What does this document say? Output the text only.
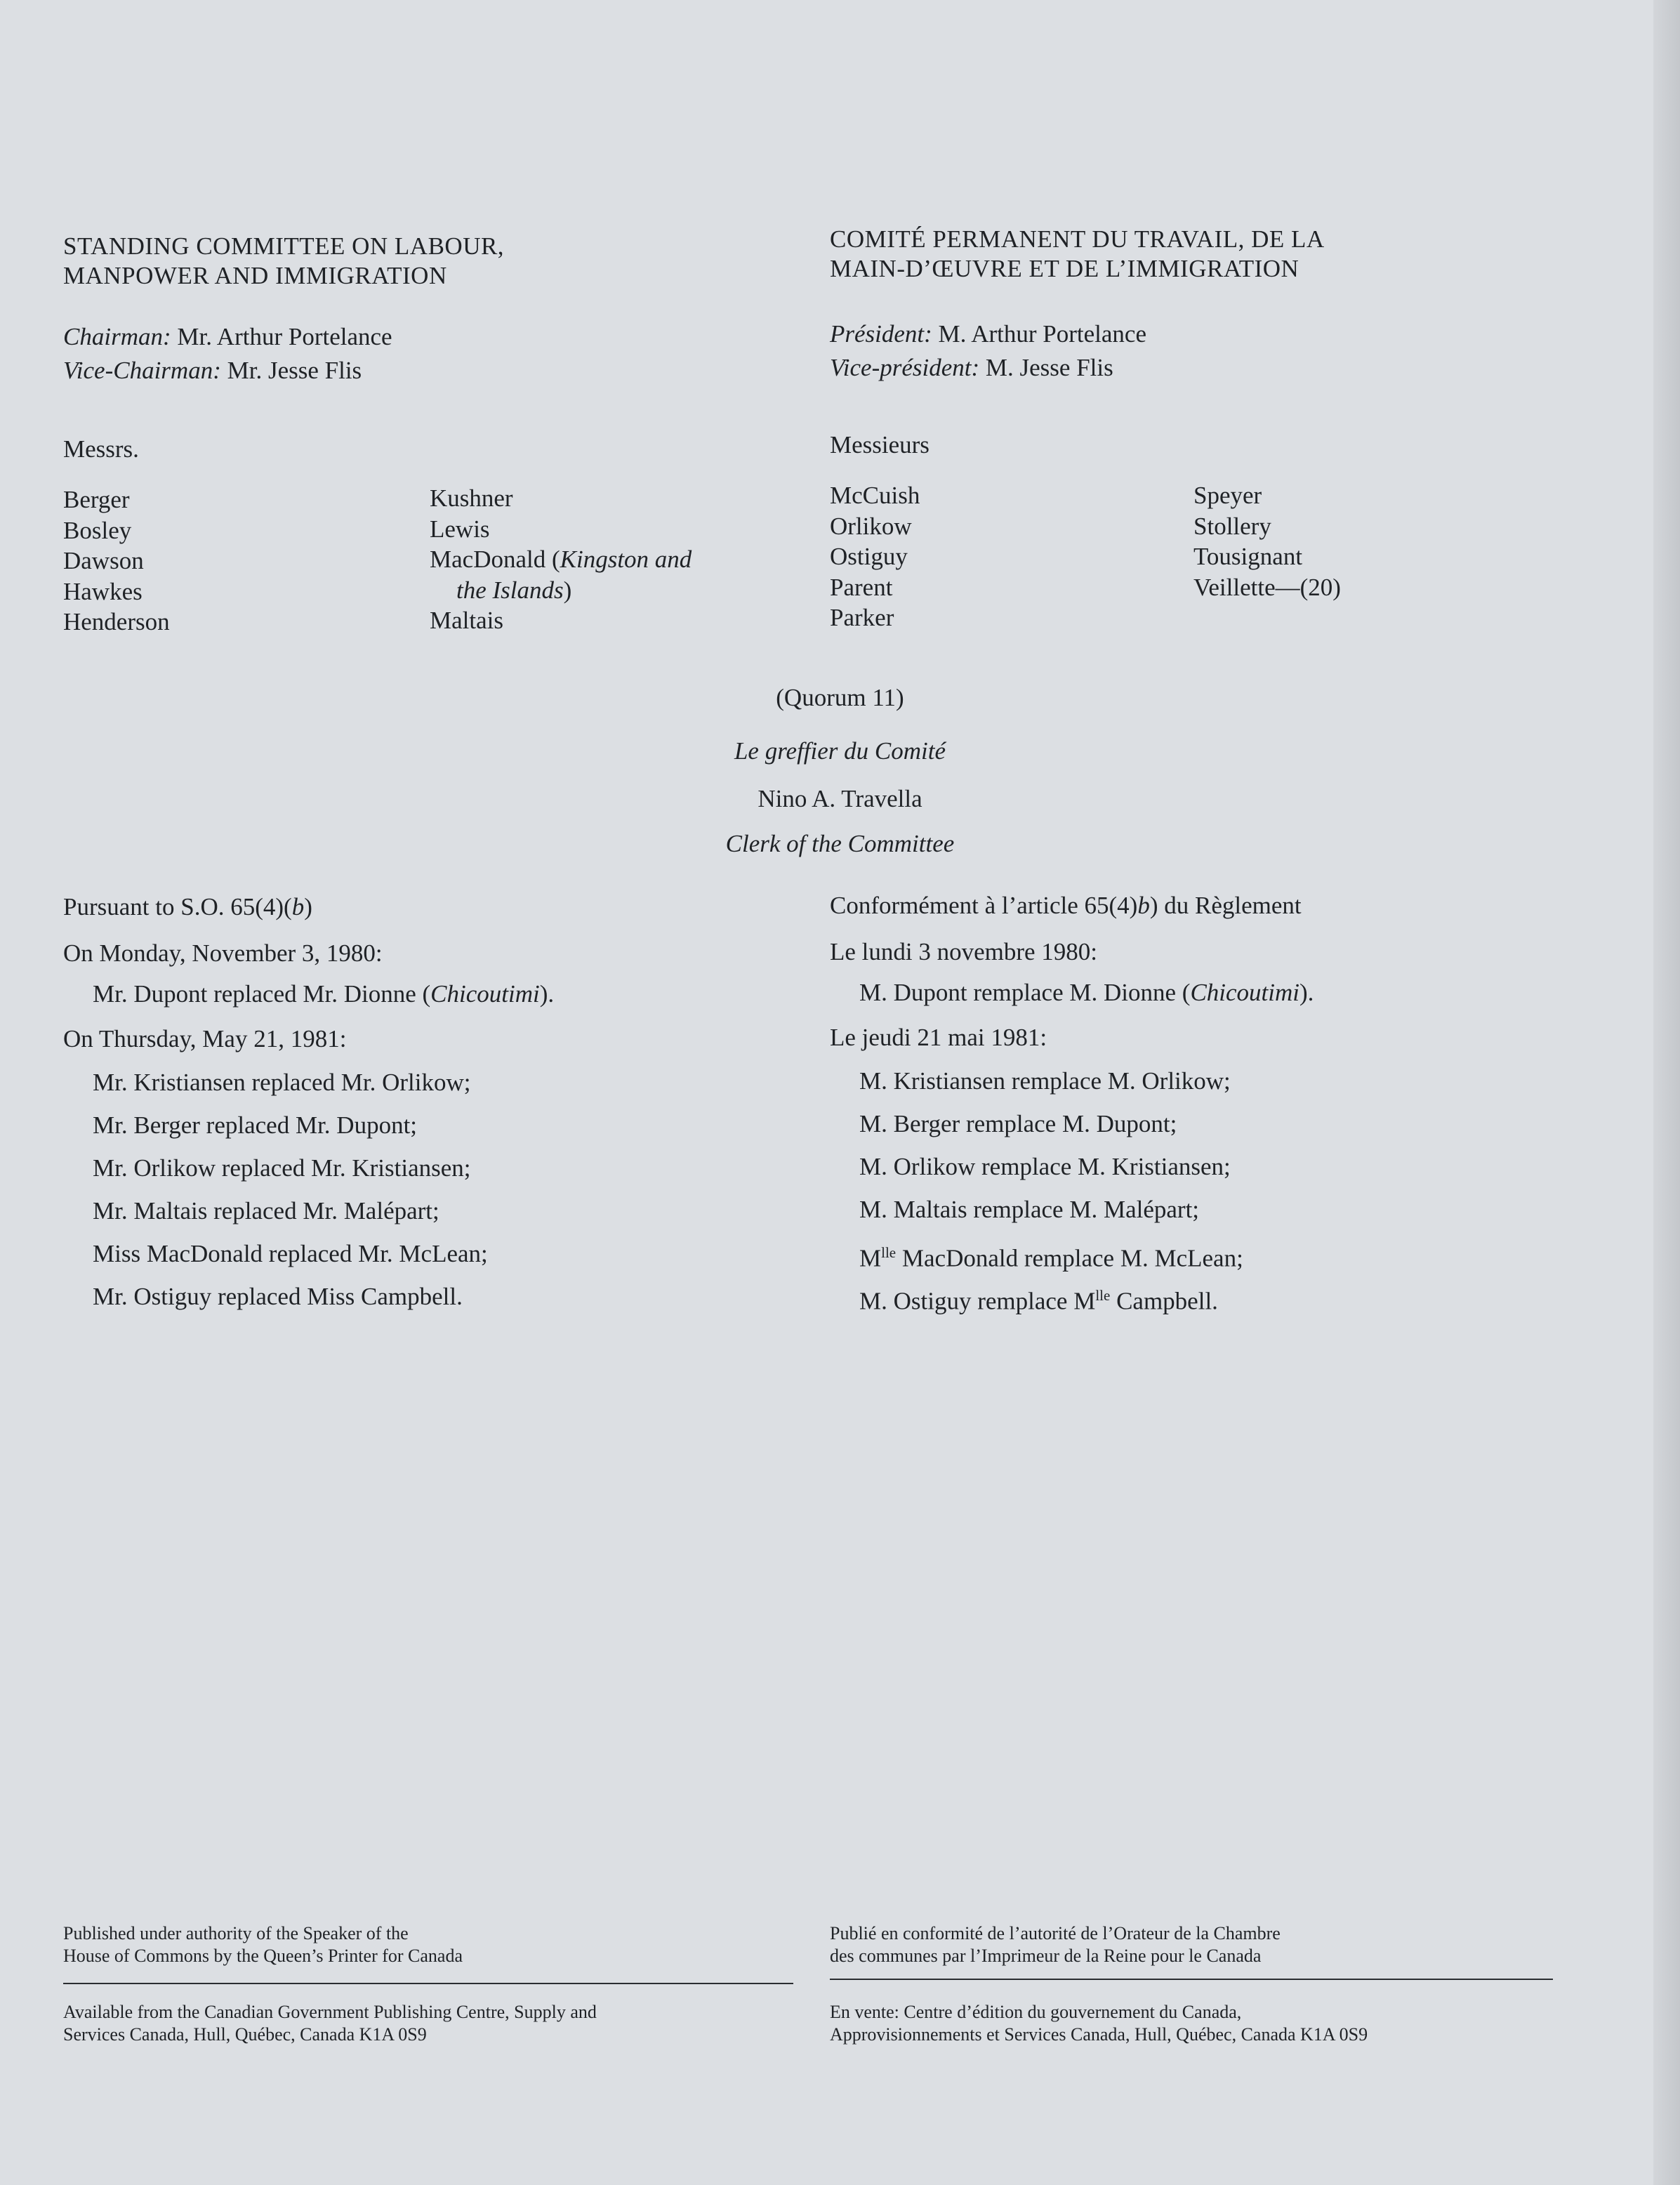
STANDING COMMITTEE ON LABOUR,
MANPOWER AND IMMIGRATION
COMITÉ PERMANENT DU TRAVAIL, DE LA
MAIN-D’ŒUVRE ET DE L’IMMIGRATION
Chairman: Mr. Arthur Portelance
Vice-Chairman: Mr. Jesse Flis
Président: M. Arthur Portelance
Vice-président: M. Jesse Flis
Messrs.	Messieurs
Berger
Bosley
Dawson
Hawkes
Henderson
Kushner
Lewis
MacDonald (Kingston and
the Islands)
Maltais
McCuish
Orlikow
Ostiguy
Parent
Parker
Speyer
Stollery
Tousignant
Veillette—(20)
(Quorum 11)
Le greffier du Comité
Nino A. Travella
Clerk of the Committee
Pursuant to S.O. 65(4)(b)
On Monday, November 3, 1980:
Mr. Dupont replaced Mr. Dionne (Chicoutimi).
On Thursday, May 21, 1981:
Mr. Kristiansen replaced Mr. Orlikow;
Mr. Berger replaced Mr. Dupont;
Mr. Orlikow replaced Mr. Kristiansen;
Mr. Maltais replaced Mr. Malépart;
Miss MacDonald replaced Mr. McLean;
Mr. Ostiguy replaced Miss Campbell.
Conformément à l’article 65(4)b) du Règlement
Le lundi 3 novembre 1980:
M. Dupont remplace M. Dionne (Chicoutimi).
Le jeudi 21 mai 1981:
M. Kristiansen remplace M. Orlikow;
M. Berger remplace M. Dupont;
M. Orlikow remplace M. Kristiansen;
M. Maltais remplace M. Malépart;
$M^{lle}$ MacDonald remplace M. McLean;
M. Ostiguy remplace $M^{lle}$ Campbell.
Published under authority of the Speaker of the
House of Commons by the Queen’s Printer for Canada
Publié en conformité de l’autorité de l’Orateur de la Chambre
des communes par l’Imprimeur de la Reine pour le Canada
Available from the Canadian Government Publishing Centre, Supply and
Services Canada, Hull, Québec, Canada K1A 0S9
En vente: Centre d’édition du gouvernement du Canada,
Approvisionnements et Services Canada, Hull, Québec, Canada K1A 0S9
